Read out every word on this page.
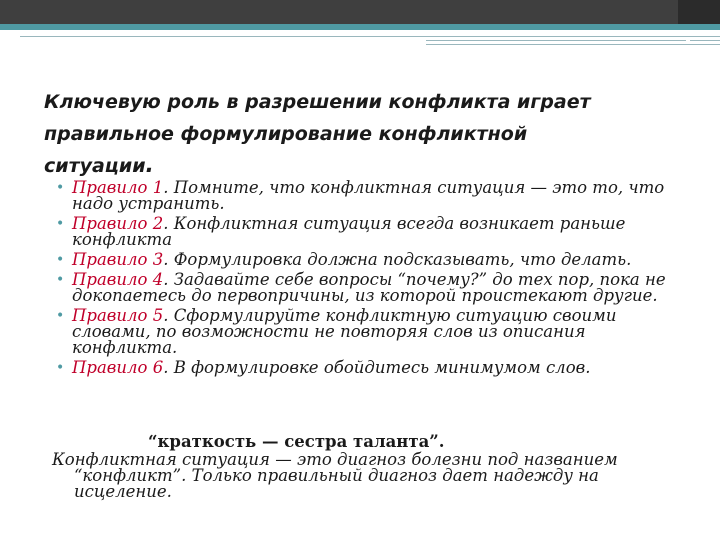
Ключевую роль в разрешении конфликта играет
правильное формулирование конфликтной
ситуации.
• Правило 1. Помните, что конфликтная ситуация — это то, что надо устранить.
• Правило 2. Конфликтная ситуация всегда возникает раньше конфликта
• Правило 3. Формулировка должна подсказывать, что делать.
• Правило 4. Задавайте себе вопросы “почему?” до тех пор, пока не докопаетесь до первопричины, из которой проистекают другие.
• Правило 5. Сформулируйте конфликтную ситуацию своими словами, по возможности не повторяя слов из описания конфликта.
• Правило 6. В формулировке обойдитесь минимумом слов.
“краткость — сестра таланта”.
Конфликтная ситуация — это диагноз болезни под названием “конфликт”. Только правильный диагноз дает надежду на исцеление.
